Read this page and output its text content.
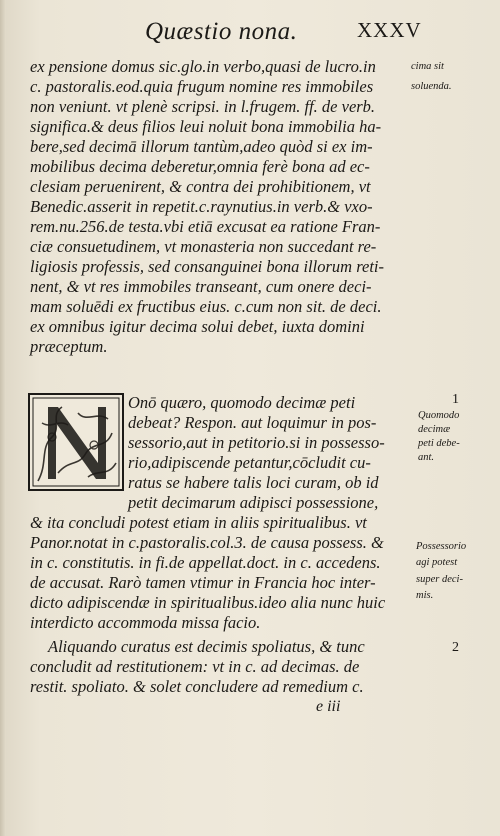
Quæstio nona.	XXXV
ex pensione domus sic.glo.in verbo,quasi de lucro.in
c. pastoralis.eod.quia frugum nomine res immobiles
non veniunt. vt plenè scripsi. in l.frugem. ff. de verb.
significa.& deus filios leui noluit bona immobilia ha-
bere,sed decimā illorum tantùm,adeo quòd si ex im-
mobilibus decima deberetur,omnia ferè bona ad ec-
clesiam peruenirent, & contra dei prohibitionem, vt
Benedic.asserit in repetit.c.raynutius.in verb.& vxo-
rem.nu.256.de testa.vbi etiā excusat ea ratione Fran-
ciæ consuetudinem, vt monasteria non succedant re-
ligiosis professis, sed consanguinei bona illorum reti-
nent, & vt res immobiles transeant, cum onere deci-
mam soluēdi ex fructibus eius. c.cum non sit. de deci.
ex omnibus igitur decima solui debet, iuxta domini
præceptum.
Onō quæro, quomodo decimæ peti
debeat? Respon. aut loquimur in pos-
sessorio,aut in petitorio.si in possesso-
rio,adipiscende petantur,cōcludit cu-
ratus se habere talis loci curam, ob id
petit decimarum adipisci possessione,
& ita concludi potest etiam in aliis spiritualibus. vt
Panor.notat in c.pastoralis.col.3. de causa possess. &
in c. constitutis. in fi.de appellat.doct. in c. accedens.
de accusat. Rarò tamen vtimur in Francia hoc inter-
dicto adipiscendæ in spiritualibus.ideo alia nunc huic
interdicto accommoda missa facio.
Aliquando curatus est decimis spoliatus, & tunc
concludit ad restitutionem: vt in c. ad decimas. de
restit. spoliato. & solet concludere ad remedium c.
cima sit
soluenda.
1
Quomodo
decimæ
peti debe-
ant.
Possessorio
agi potest
super deci-
mis.
2
e iii
